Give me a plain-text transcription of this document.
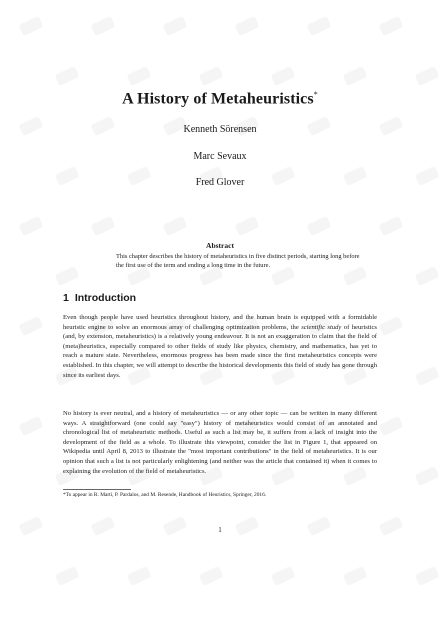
A History of Metaheuristics*
Kenneth Sörensen
Marc Sevaux
Fred Glover
Abstract
This chapter describes the history of metaheuristics in five distinct periods, starting long before the first use of the term and ending a long time in the future.
1 Introduction
Even though people have used heuristics throughout history, and the human brain is equipped with a formidable heuristic engine to solve an enormous array of challenging optimization problems, the scientific study of heuristics (and, by extension, metaheuristics) is a relatively young endeavour. It is not an exaggeration to claim that the field of (meta)heuristics, especially compared to other fields of study like physics, chemistry, and mathematics, has yet to reach a mature state. Nevertheless, enormous progress has been made since the first metaheuristics concepts were established. In this chapter, we will attempt to describe the historical developments this field of study has gone through since its earliest days.
No history is ever neutral, and a history of metaheuristics — or any other topic — can be written in many different ways. A straightforward (one could say "easy") history of metaheuristics would consist of an annotated and chronological list of metaheuristic methods. Useful as such a list may be, it suffers from a lack of insight into the development of the field as a whole. To illustrate this viewpoint, consider the list in Figure 1, that appeared on Wikipedia until April 8, 2013 to illustrate the "most important contributions" in the field of metaheuristics. It is our opinion that such a list is not particularly enlightening (and neither was the article that contained it) when it comes to explaining the evolution of the field of metaheuristics.
*To appear in R. Martí, P. Pardalos, and M. Resende, Handbook of Heuristics, Springer, 2016.
1
